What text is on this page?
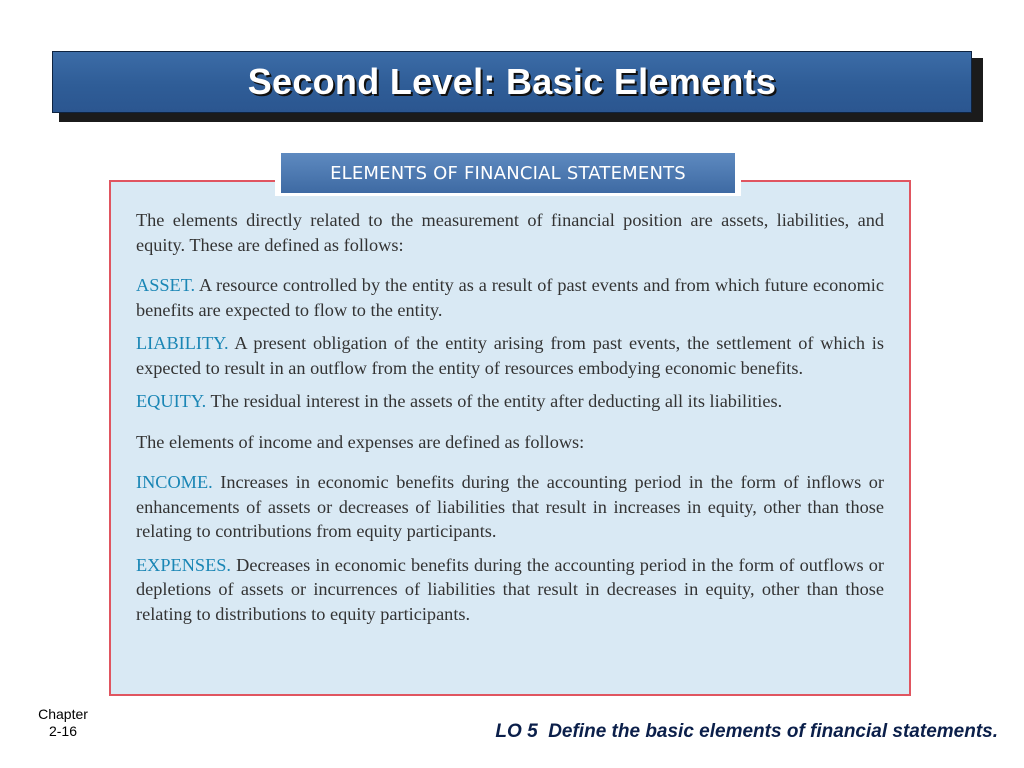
Second Level: Basic Elements
ELEMENTS OF FINANCIAL STATEMENTS

The elements directly related to the measurement of financial position are assets, liabilities, and equity. These are defined as follows:

ASSET. A resource controlled by the entity as a result of past events and from which future economic benefits are expected to flow to the entity.

LIABILITY. A present obligation of the entity arising from past events, the settlement of which is expected to result in an outflow from the entity of resources embodying economic benefits.

EQUITY. The residual interest in the assets of the entity after deducting all its liabilities.

The elements of income and expenses are defined as follows:

INCOME. Increases in economic benefits during the accounting period in the form of inflows or enhancements of assets or decreases of liabilities that result in increases in equity, other than those relating to contributions from equity participants.

EXPENSES. Decreases in economic benefits during the accounting period in the form of outflows or depletions of assets or incurrences of liabilities that result in decreases in equity, other than those relating to distributions to equity participants.

Chapter
2-16	LO 5  Define the basic elements of financial statements.
